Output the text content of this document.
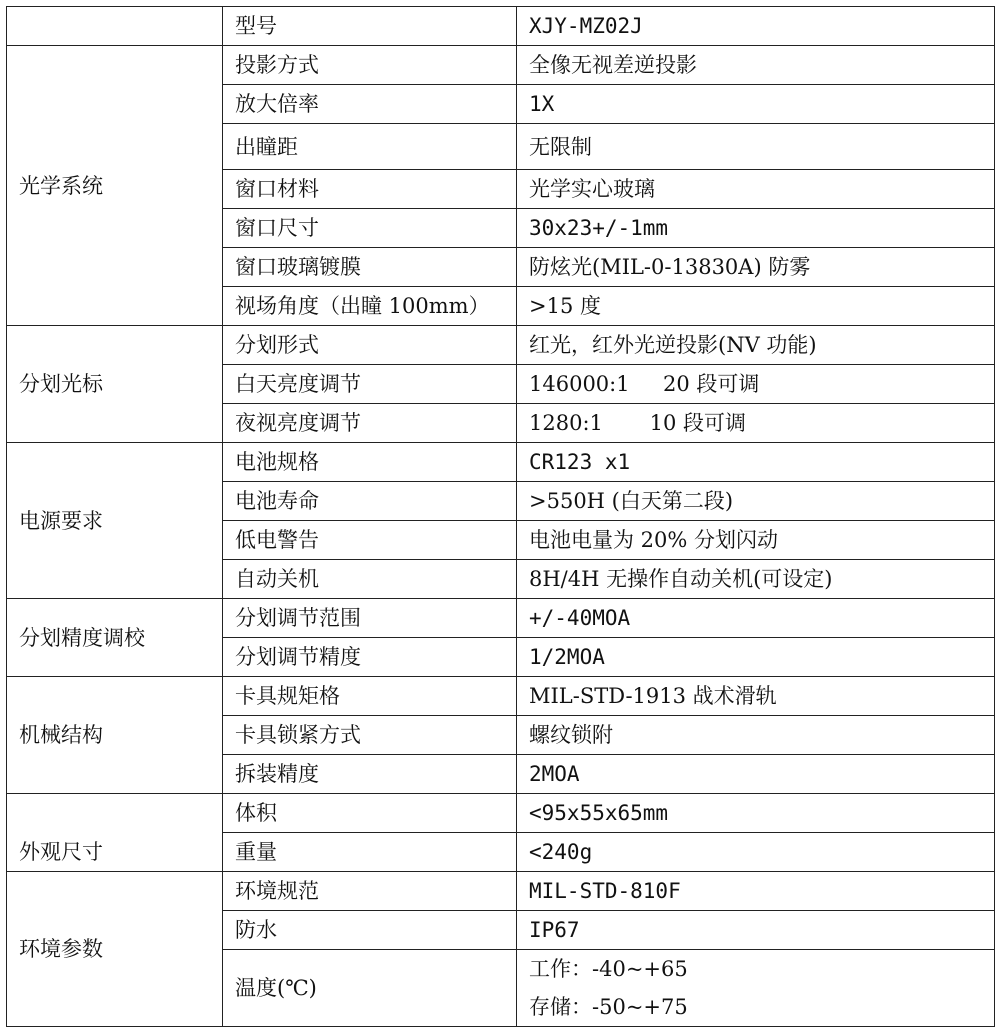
	型号	XJY-MZ02J
光学系统	投影方式	全像无视差逆投影
	放大倍率	1X
	出瞳距	无限制
	窗口材料	光学实心玻璃
	窗口尺寸	30x23+/-1mm
	窗口玻璃镀膜	防炫光(MIL-0-13830A) 防雾
	视场角度（出瞳 100mm）	>15 度
分划光标	分划形式	红光，红外光逆投影(NV 功能)
	白天亮度调节	146000:1     20 段可调
	夜视亮度调节	1280:1       10 段可调
电源要求	电池规格	CR123 x1
	电池寿命	>550H (白天第二段)
	低电警告	电池电量为 20% 分划闪动
	自动关机	8H/4H 无操作自动关机(可设定)
分划精度调校	分划调节范围	+/-40MOA
	分划调节精度	1/2MOA
机械结构	卡具规矩格	MIL-STD-1913 战术滑轨
	卡具锁紧方式	螺纹锁附
	拆装精度	2MOA
外观尺寸	体积	<95x55x65mm
	重量	<240g
环境参数	环境规范	MIL-STD-810F
	防水	IP67
	温度(℃)	工作：-40~+65
存储：-50~+75
